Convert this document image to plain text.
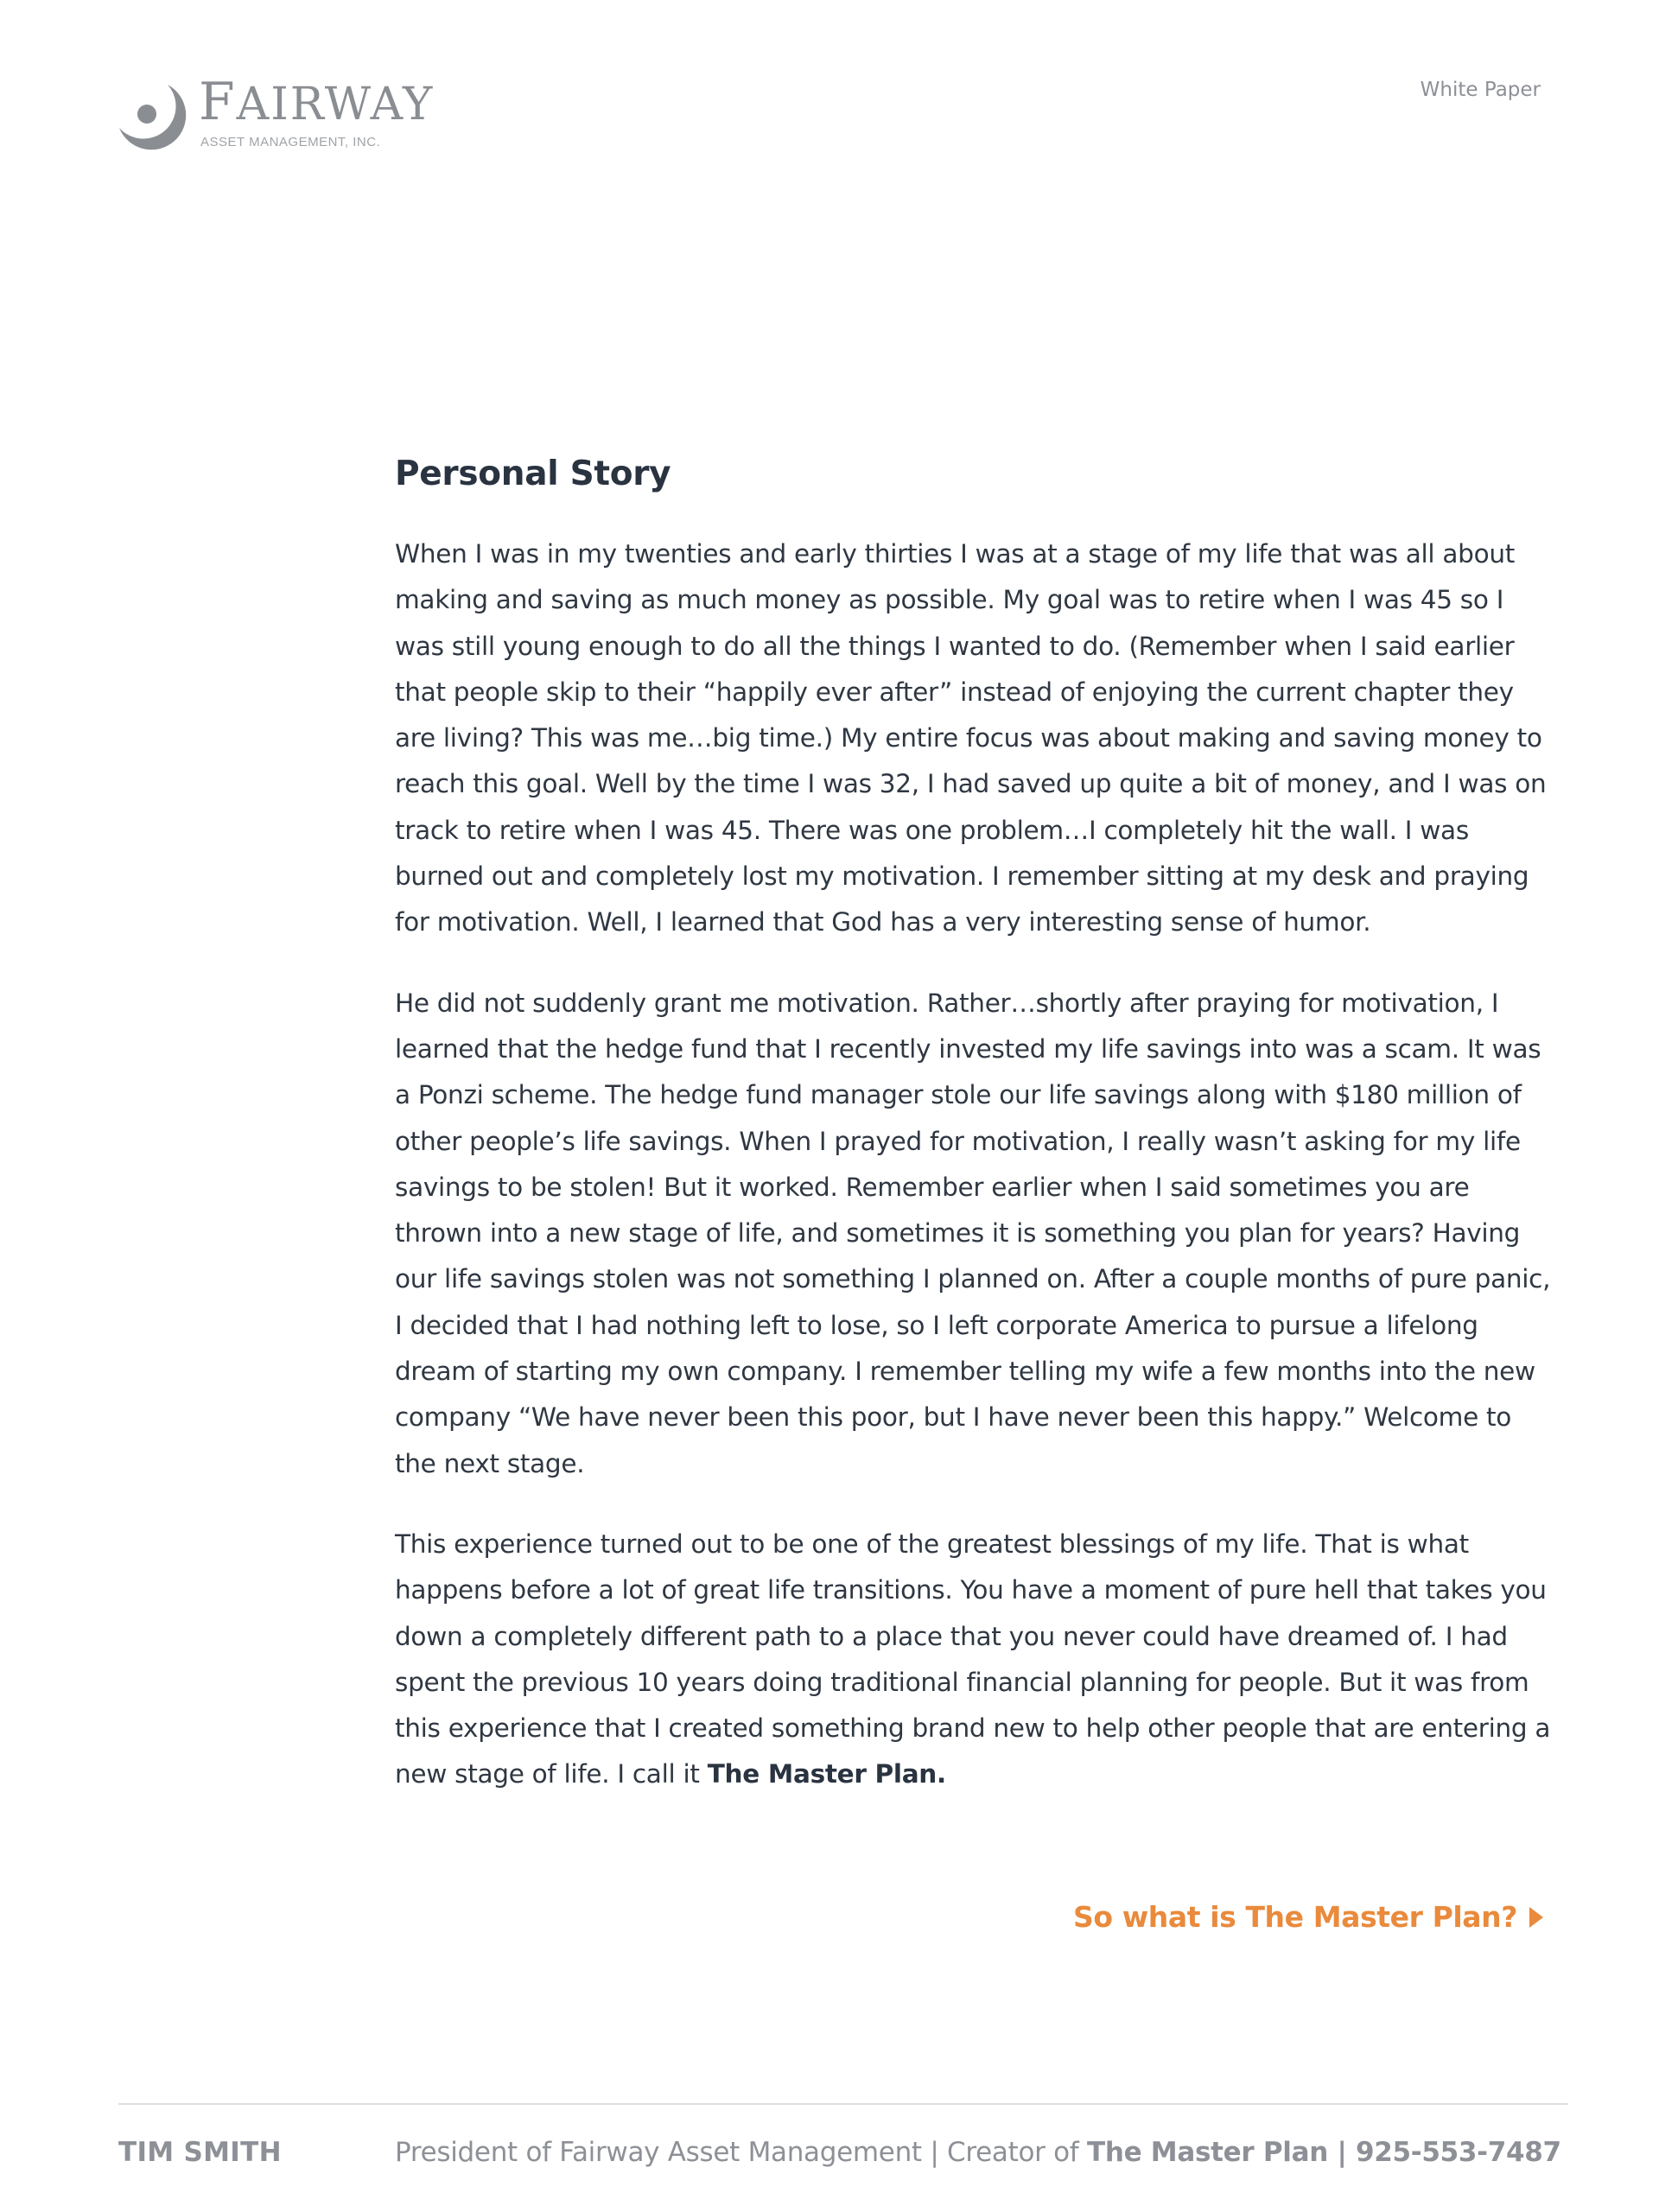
FAIRWAY
ASSET MANAGEMENT, INC.
White Paper
Personal Story

When I was in my twenties and early thirties I was at a stage of my life that was all about making and saving as much money as possible. My goal was to retire when I was 45 so I was still young enough to do all the things I wanted to do. (Remember when I said earlier that people skip to their “happily ever after” instead of enjoying the current chapter they are living? This was me…big time.) My entire focus was about making and saving money to reach this goal. Well by the time I was 32, I had saved up quite a bit of money, and I was on track to retire when I was 45. There was one problem…I completely hit the wall. I was burned out and completely lost my motivation. I remember sitting at my desk and praying for motivation. Well, I learned that God has a very interesting sense of humor.

He did not suddenly grant me motivation. Rather…shortly after praying for motivation, I learned that the hedge fund that I recently invested my life savings into was a scam. It was a Ponzi scheme. The hedge fund manager stole our life savings along with $180 million of other people’s life savings. When I prayed for motivation, I really wasn’t asking for my life savings to be stolen! But it worked. Remember earlier when I said sometimes you are thrown into a new stage of life, and sometimes it is something you plan for years? Having our life savings stolen was not something I planned on. After a couple months of pure panic, I decided that I had nothing left to lose, so I left corporate America to pursue a lifelong dream of starting my own company. I remember telling my wife a few months into the new company “We have never been this poor, but I have never been this happy.” Welcome to the next stage.

This experience turned out to be one of the greatest blessings of my life. That is what happens before a lot of great life transitions. You have a moment of pure hell that takes you down a completely different path to a place that you never could have dreamed of. I had spent the previous 10 years doing traditional financial planning for people. But it was from this experience that I created something brand new to help other people that are entering a new stage of life. I call it The Master Plan.

So what is The Master Plan?
TIM SMITH	President of Fairway Asset Management | Creator of The Master Plan | 925-553-7487
